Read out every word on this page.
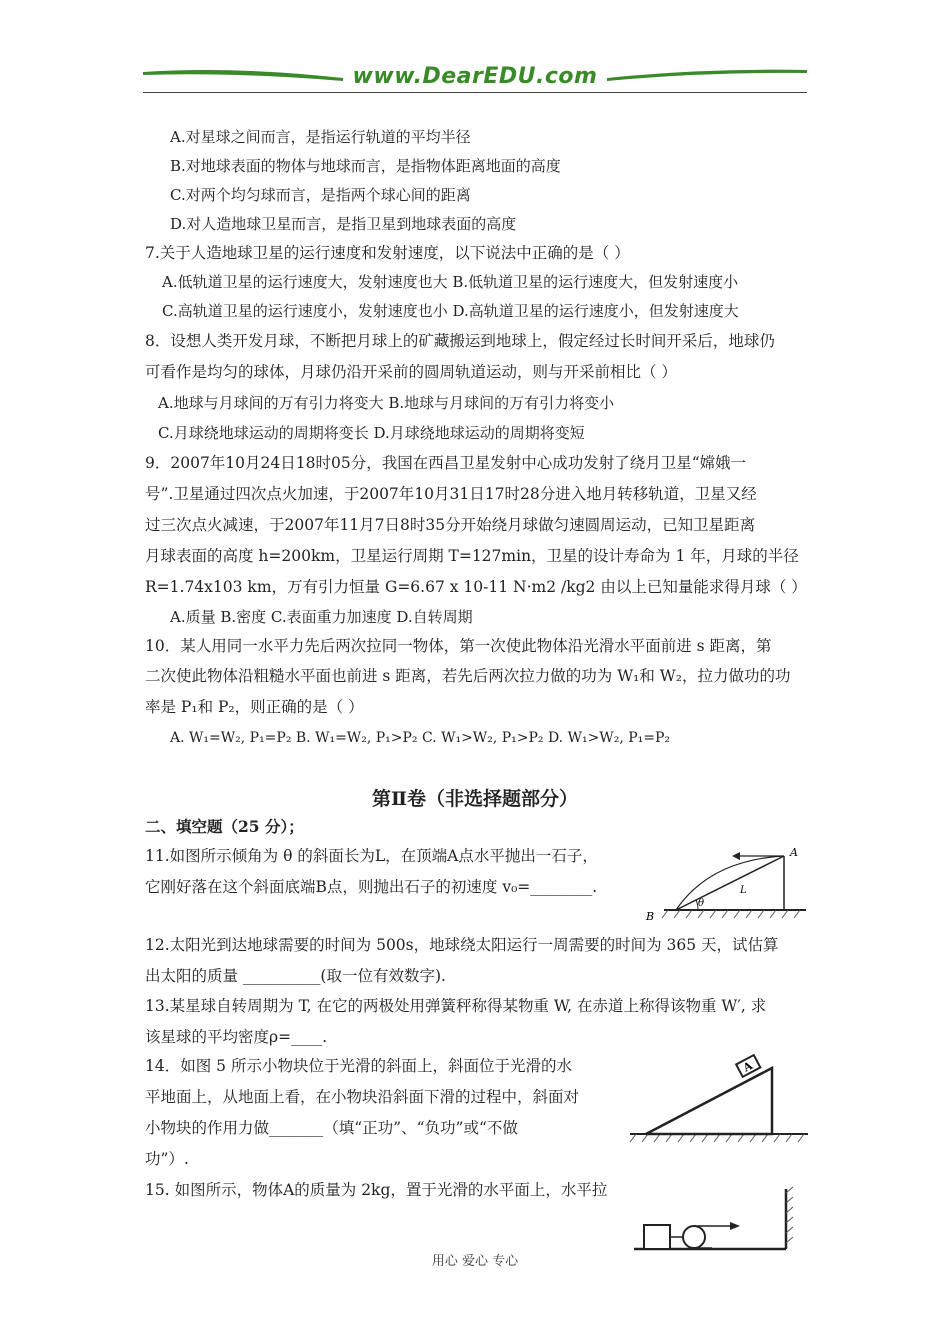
www.DearEDU.com
A.对星球之间而言，是指运行轨道的平均半径
B.对地球表面的物体与地球而言，是指物体距离地面的高度
C.对两个均匀球而言，是指两个球心间的距离
D.对人造地球卫星而言，是指卫星到地球表面的高度
7.关于人造地球卫星的运行速度和发射速度，以下说法中正确的是（ ）
A.低轨道卫星的运行速度大，发射速度也大 B.低轨道卫星的运行速度大，但发射速度小
C.高轨道卫星的运行速度小，发射速度也小 D.高轨道卫星的运行速度小，但发射速度大
8．设想人类开发月球，不断把月球上的矿藏搬运到地球上，假定经过长时间开采后，地球仍
可看作是均匀的球体，月球仍沿开采前的圆周轨道运动，则与开采前相比（ ）
A.地球与月球间的万有引力将变大 B.地球与月球间的万有引力将变小
C.月球绕地球运动的周期将变长 D.月球绕地球运动的周期将变短
9．2007年10月24日18时05分，我国在西昌卫星发射中心成功发射了绕月卫星“嫦娥一
号”.卫星通过四次点火加速，于2007年10月31日17时28分进入地月转移轨道，卫星又经
过三次点火减速，于2007年11月7日8时35分开始绕月球做匀速圆周运动，已知卫星距离
月球表面的高度 h=200km，卫星运行周期 T=127min，卫星的设计寿命为 1 年，月球的半径
R=1.74x103 km，万有引力恒量 G=6.67 x 10-11 N·m2 /kg2 由以上已知量能求得月球（ ）
A.质量 B.密度 C.表面重力加速度 D.自转周期
10．某人用同一水平力先后两次拉同一物体，第一次使此物体沿光滑水平面前进 s 距离，第
二次使此物体沿粗糙水平面也前进 s 距离，若先后两次拉力做的功为 W₁和 W₂，拉力做功的功
率是 P₁和 P₂，则正确的是（ ）
A. W₁=W₂, P₁=P₂ B. W₁=W₂, P₁>P₂ C. W₁>W₂, P₁>P₂ D. W₁>W₂, P₁=P₂
第Ⅱ卷（非选择题部分）
二、填空题（25 分）；
11.如图所示倾角为 θ 的斜面长为L，在顶端A点水平抛出一石子，
它刚好落在这个斜面底端B点，则抛出石子的初速度 v₀=________.
A
B
θ
L
12.太阳光到达地球需要的时间为 500s，地球绕太阳运行一周需要的时间为 365 天，试估算
出太阳的质量 __________(取一位有效数字).
13.某星球自转周期为 T, 在它的两极处用弹簧秤称得某物重 W, 在赤道上称得该物重 W′, 求
该星球的平均密度ρ=____.
14．如图 5 所示小物块位于光滑的斜面上，斜面位于光滑的水
平地面上，从地面上看，在小物块沿斜面下滑的过程中，斜面对
小物块的作用力做_______（填“正功”、“负功”或“不做
功”）.
A
15. 如图所示，物体A的质量为 2kg，置于光滑的水平面上，水平拉
用心 爱心 专心
